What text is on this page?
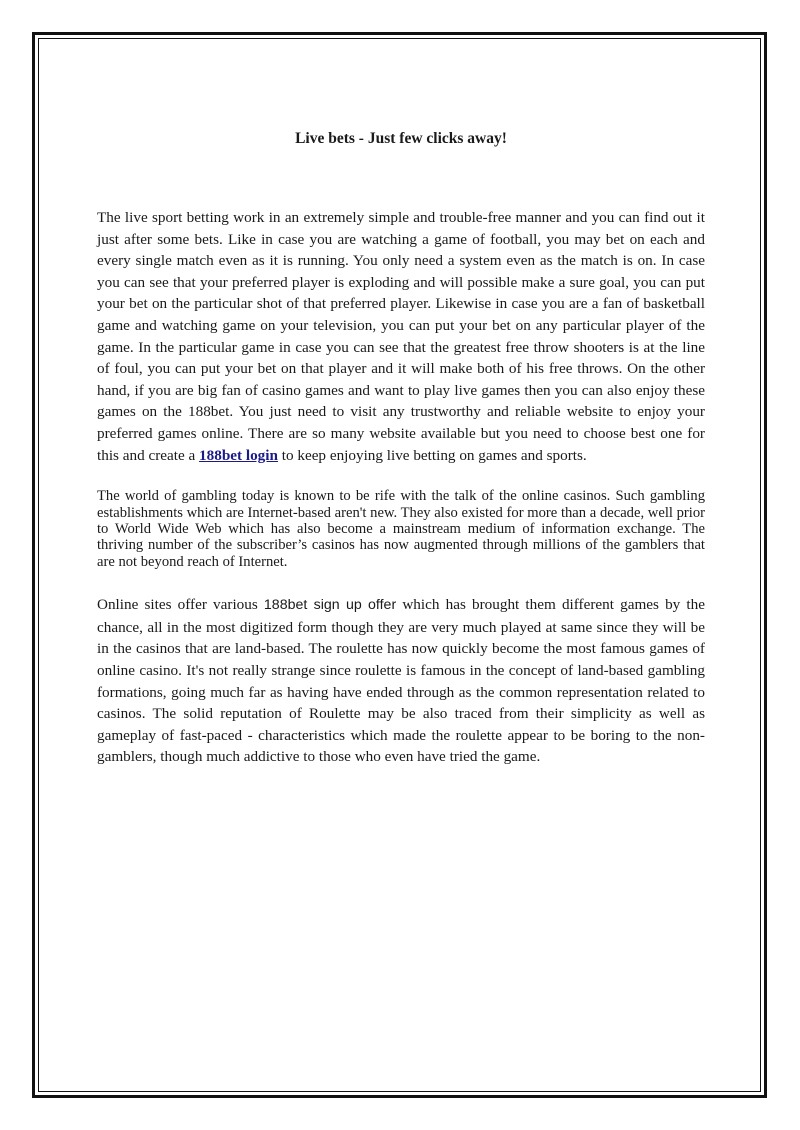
Live bets - Just few clicks away!

The live sport betting work in an extremely simple and trouble-free manner and you can find out it just after some bets. Like in case you are watching a game of football, you may bet on each and every single match even as it is running. You only need a system even as the match is on. In case you can see that your preferred player is exploding and will possible make a sure goal, you can put your bet on the particular shot of that preferred player. Likewise in case you are a fan of basketball game and watching game on your television, you can put your bet on any particular player of the game. In the particular game in case you can see that the greatest free throw shooters is at the line of foul, you can put your bet on that player and it will make both of his free throws. On the other hand, if you are big fan of casino games and want to play live games then you can also enjoy these games on the 188bet. You just need to visit any trustworthy and reliable website to enjoy your preferred games online. There are so many website available but you need to choose best one for this and create a 188bet login to keep enjoying live betting on games and sports.

The world of gambling today is known to be rife with the talk of the online casinos. Such gambling establishments which are Internet-based aren't new. They also existed for more than a decade, well prior to World Wide Web which has also become a mainstream medium of information exchange. The thriving number of the subscriber’s casinos has now augmented through millions of the gamblers that are not beyond reach of Internet.

Online sites offer various 188bet sign up offer which has brought them different games by the chance, all in the most digitized form though they are very much played at same since they will be in the casinos that are land-based. The roulette has now quickly become the most famous games of online casino. It's not really strange since roulette is famous in the concept of land-based gambling formations, going much far as having have ended through as the common representation related to casinos. The solid reputation of Roulette may be also traced from their simplicity as well as gameplay of fast-paced - characteristics which made the roulette appear to be boring to the non-gamblers, though much addictive to those who even have tried the game.
